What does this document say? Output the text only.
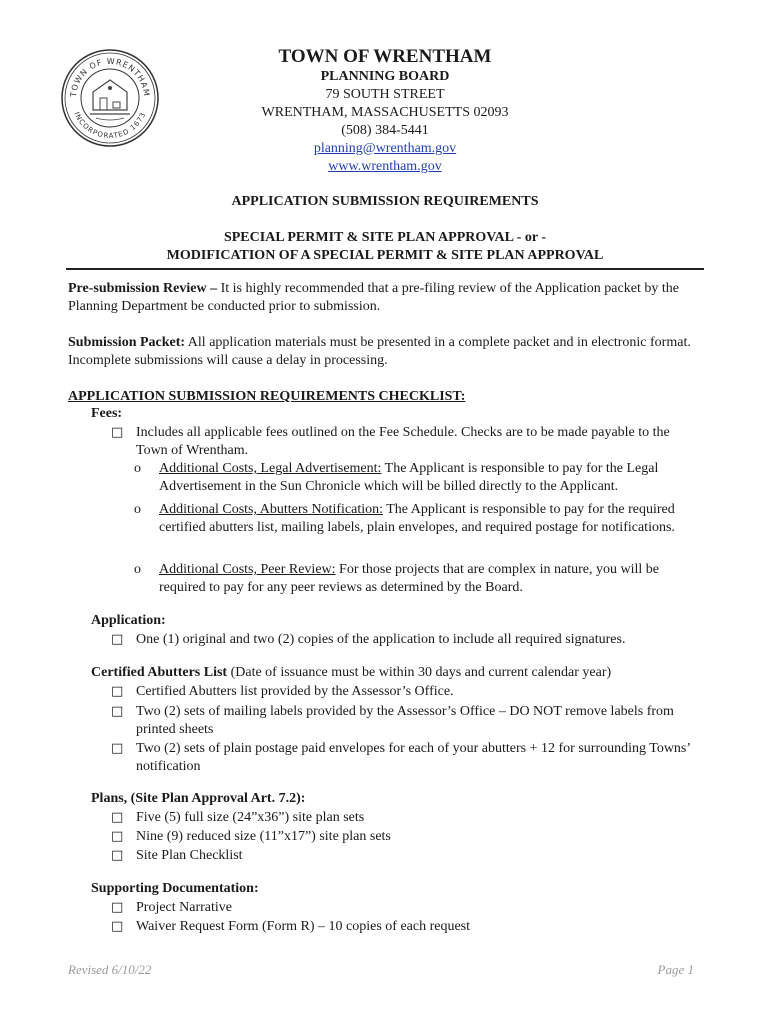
TOWN OF WRENTHAM
INCORPORATED 1673
TOWN OF WRENTHAM
PLANNING BOARD
79 SOUTH STREET
WRENTHAM, MASSACHUSETTS 02093
(508) 384-5441
planning@wrentham.gov
www.wrentham.gov
APPLICATION SUBMISSION REQUIREMENTS
SPECIAL PERMIT & SITE PLAN APPROVAL - or -
MODIFICATION OF A SPECIAL PERMIT & SITE PLAN APPROVAL
Pre-submission Review – It is highly recommended that a pre-filing review of the Application packet by the Planning Department be conducted prior to submission.
Submission Packet: All application materials must be presented in a complete packet and in electronic format. Incomplete submissions will cause a delay in processing.
APPLICATION SUBMISSION REQUIREMENTS CHECKLIST:
Fees:
□ Includes all applicable fees outlined on the Fee Schedule. Checks are to be made payable to the Town of Wrentham.
o Additional Costs, Legal Advertisement: The Applicant is responsible to pay for the Legal Advertisement in the Sun Chronicle which will be billed directly to the Applicant.
o Additional Costs, Abutters Notification: The Applicant is responsible to pay for the required certified abutters list, mailing labels, plain envelopes, and required postage for notifications.
o Additional Costs, Peer Review: For those projects that are complex in nature, you will be required to pay for any peer reviews as determined by the Board.
Application:
□ One (1) original and two (2) copies of the application to include all required signatures.
Certified Abutters List (Date of issuance must be within 30 days and current calendar year)
□ Certified Abutters list provided by the Assessor’s Office.
□ Two (2) sets of mailing labels provided by the Assessor’s Office – DO NOT remove labels from printed sheets
□ Two (2) sets of plain postage paid envelopes for each of your abutters + 12 for surrounding Towns’ notification
Plans, (Site Plan Approval Art. 7.2):
□ Five (5) full size (24”x36”) site plan sets
□ Nine (9) reduced size (11”x17”) site plan sets
□ Site Plan Checklist
Supporting Documentation:
□ Project Narrative
□ Waiver Request Form (Form R) – 10 copies of each request
Revised 6/10/22	Page 1
